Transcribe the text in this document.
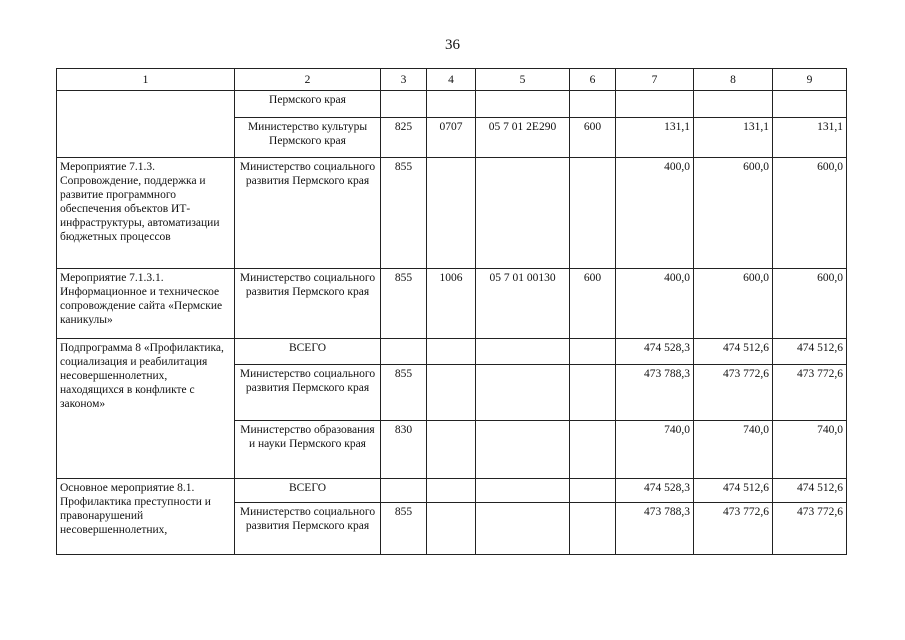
36
1	2	3	4	5	6	7	8	9
	Пермского края							
	Министерство культуры Пермского края	825	0707	05 7 01 2Е290	600	131,1	131,1	131,1
Мероприятие 7.1.3. Сопровождение, поддержка и развитие программного обеспечения объектов ИТ-инфраструктуры, автоматизации бюджетных процессов	Министерство социального развития Пермского края	855				400,0	600,0	600,0
Мероприятие 7.1.3.1. Информационное и техническое сопровождение сайта «Пермские каникулы»	Министерство социального развития Пермского края	855	1006	05 7 01 00130	600	400,0	600,0	600,0
Подпрограмма 8 «Профилактика, социализация и реабилитация несовершеннолетних, находящихся в конфликте с законом»	ВСЕГО					474 528,3	474 512,6	474 512,6
	Министерство социального развития Пермского края	855				473 788,3	473 772,6	473 772,6
	Министерство образования и науки Пермского края	830				740,0	740,0	740,0
Основное мероприятие 8.1. Профилактика преступности и правонарушений несовершеннолетних,	ВСЕГО					474 528,3	474 512,6	474 512,6
	Министерство социального развития Пермского края	855				473 788,3	473 772,6	473 772,6
